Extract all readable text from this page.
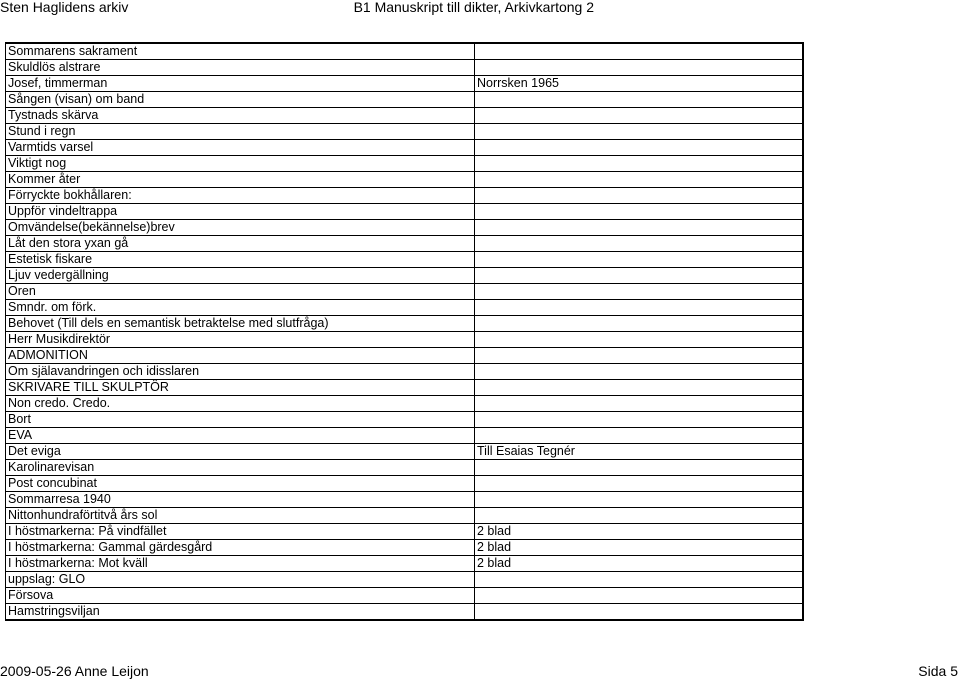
Sten Haglidens arkiv	B1 Manuskript till dikter, Arkivkartong 2
Sommarens sakrament	
Skuldlös alstrare	
Josef, timmerman	Norrsken 1965
Sången (visan) om band	
Tystnads skärva	
Stund i regn	
Varmtids varsel	
Viktigt nog	
Kommer åter	
Förryckte bokhållaren:	
Uppför vindeltrappa	
Omvändelse(bekännelse)brev	
Låt den stora yxan gå	
Estetisk fiskare	
Ljuv vedergällning	
Oren	
Smndr. om förk.	
Behovet (Till dels en semantisk betraktelse med slutfråga)	
Herr Musikdirektör	
ADMONITION	
Om själavandringen och idisslaren	
SKRIVARE TILL SKULPTÖR	
Non credo. Credo.	
Bort	
EVA	
Det eviga	Till Esaias Tegnér
Karolinarevisan	
Post concubinat	
Sommarresa 1940	
Nittonhundraförtitvå års sol	
I höstmarkerna: På vindfället	2 blad
I höstmarkerna: Gammal gärdesgård	2 blad
I höstmarkerna: Mot kväll	2 blad
uppslag: GLO	
Försova	
Hamstringsviljan	
2009-05-26 Anne Leijon	Sida 5
